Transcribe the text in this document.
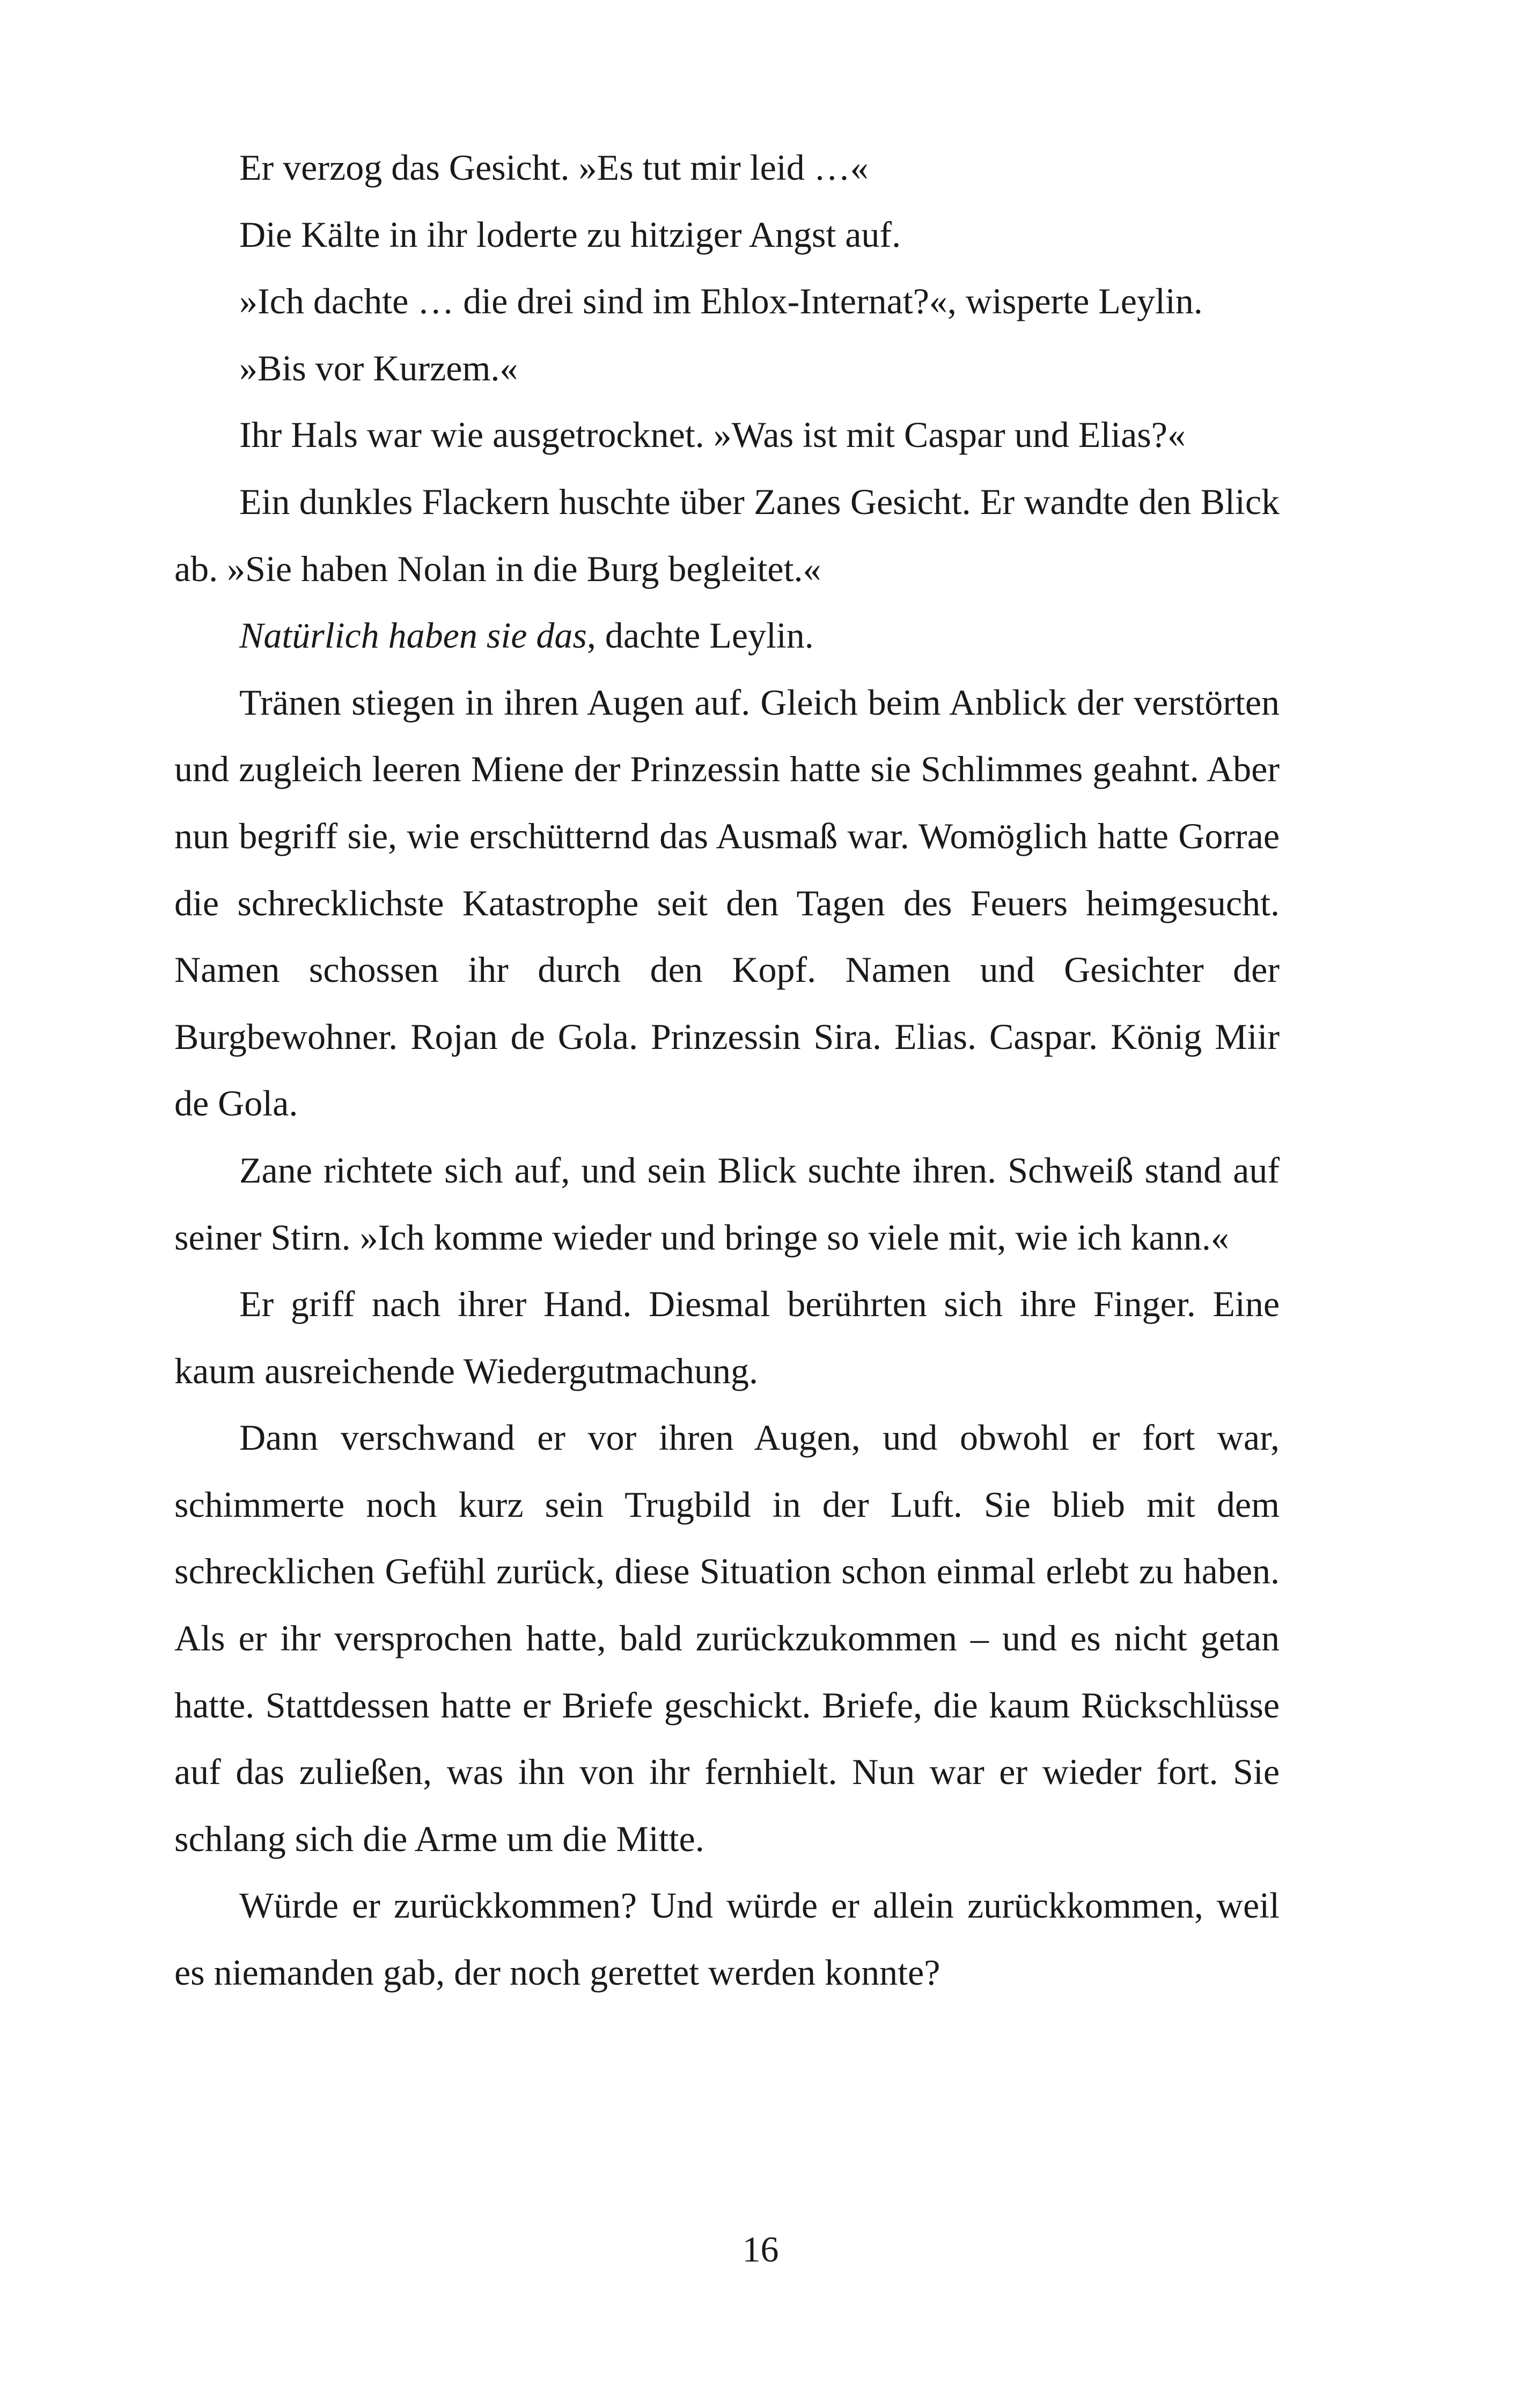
Er verzog das Gesicht. »Es tut mir leid …«

Die Kälte in ihr loderte zu hitziger Angst auf.

»Ich dachte … die drei sind im Ehlox-Internat?«, wisperte Leylin.

»Bis vor Kurzem.«

Ihr Hals war wie ausgetrocknet. »Was ist mit Caspar und Elias?«

Ein dunkles Flackern huschte über Zanes Gesicht. Er wandte den Blick ab. »Sie haben Nolan in die Burg begleitet.«

Natürlich haben sie das, dachte Leylin.

Tränen stiegen in ihren Augen auf. Gleich beim Anblick der verstörten und zugleich leeren Miene der Prinzessin hatte sie Schlimmes geahnt. Aber nun begriff sie, wie erschütternd das Ausmaß war. Womöglich hatte Gorrae die schrecklichste Katastrophe seit den Tagen des Feuers heimgesucht. Namen schossen ihr durch den Kopf. Namen und Gesichter der Burgbewohner. Rojan de Gola. Prinzessin Sira. Elias. Caspar. König Miir de Gola.

Zane richtete sich auf, und sein Blick suchte ihren. Schweiß stand auf seiner Stirn. »Ich komme wieder und bringe so viele mit, wie ich kann.«

Er griff nach ihrer Hand. Diesmal berührten sich ihre Finger. Eine kaum ausreichende Wiedergutmachung.

Dann verschwand er vor ihren Augen, und obwohl er fort war, schimmerte noch kurz sein Trugbild in der Luft. Sie blieb mit dem schrecklichen Gefühl zurück, diese Situation schon einmal erlebt zu haben. Als er ihr versprochen hatte, bald zurückzukommen – und es nicht getan hatte. Stattdessen hatte er Briefe geschickt. Briefe, die kaum Rückschlüsse auf das zuließen, was ihn von ihr fernhielt. Nun war er wieder fort. Sie schlang sich die Arme um die Mitte.

Würde er zurückkommen? Und würde er allein zurückkommen, weil es niemanden gab, der noch gerettet werden konnte?

16
